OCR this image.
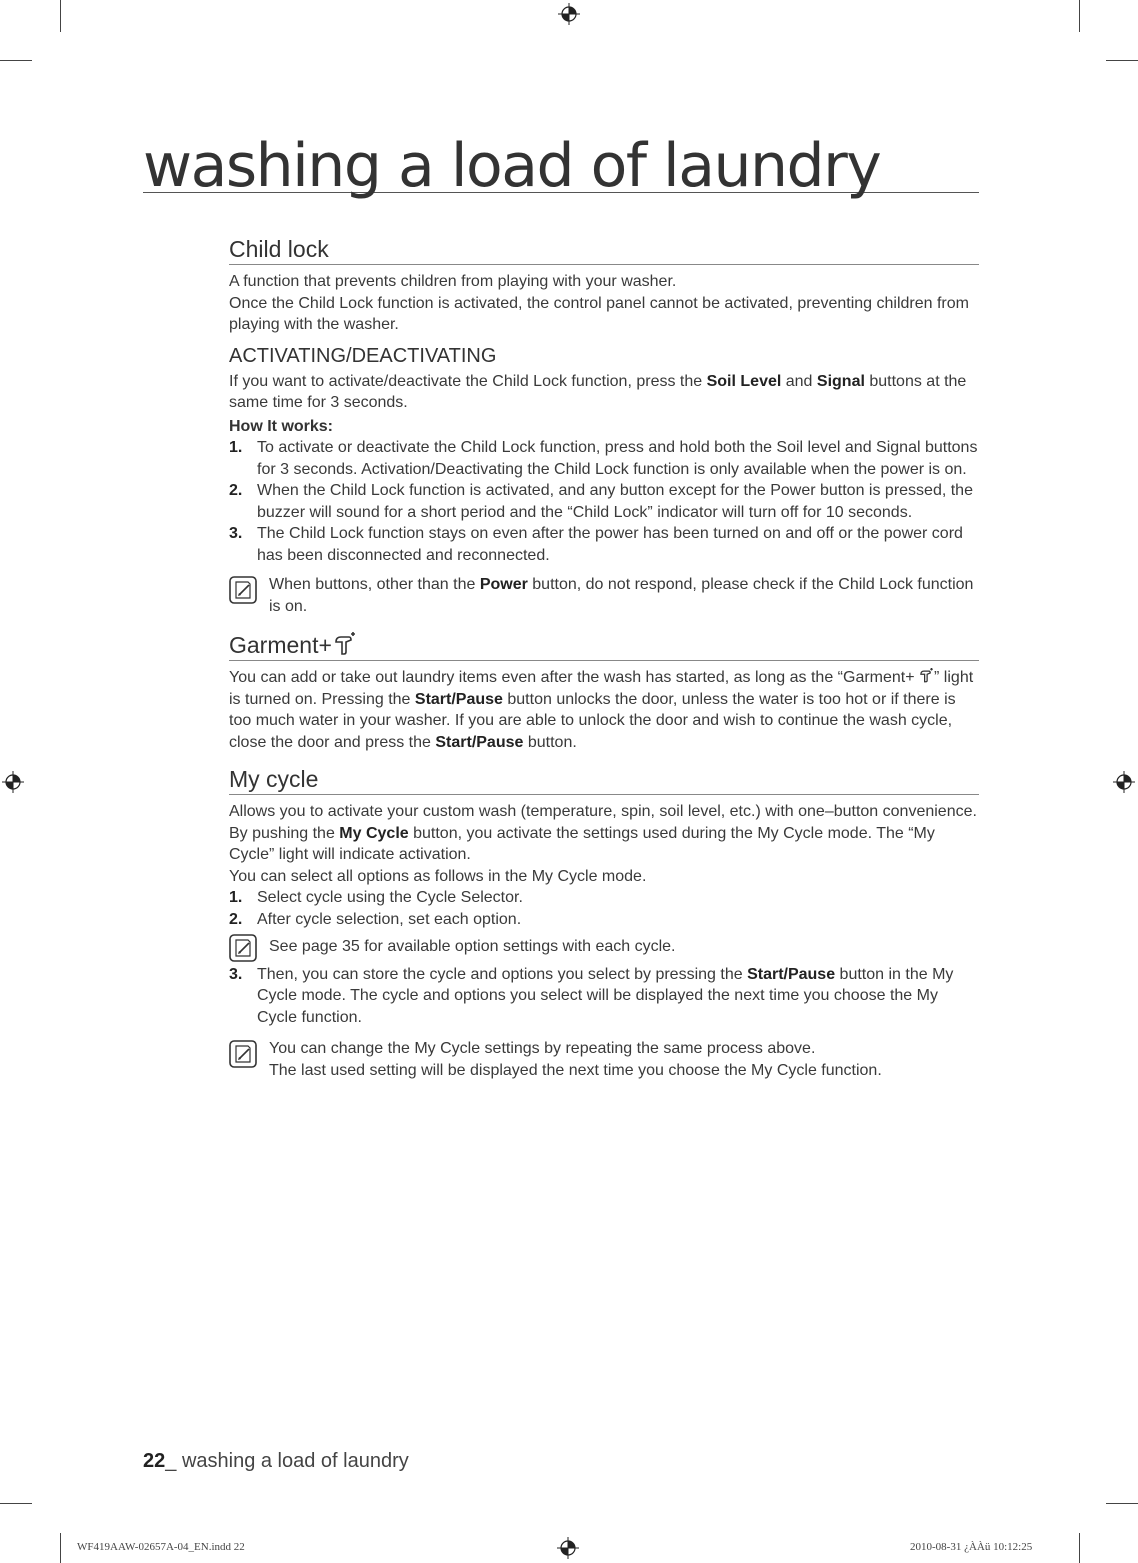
washing a load of laundry
Child lock

A function that prevents children from playing with your washer.

Once the Child Lock function is activated, the control panel cannot be activated, preventing children from playing with the washer.

ACTIVATING/DEACTIVATING

If you want to activate/deactivate the Child Lock function, press the Soil Level and Signal buttons at the same time for 3 seconds.

How It works:
1. To activate or deactivate the Child Lock function, press and hold both the Soil level and Signal buttons for 3 seconds. Activation/Deactivating the Child Lock function is only available when the power is on.
2. When the Child Lock function is activated, and any button except for the Power button is pressed, the buzzer will sound for a short period and the “Child Lock” indicator will turn off for 10 seconds.
3. The Child Lock function stays on even after the power has been turned on and off or the power cord has been disconnected and reconnected.
When buttons, other than the Power button, do not respond, please check if the Child Lock function is on.
Garment+

You can add or take out laundry items even after the wash has started, as long as the “Garment+ ” light is turned on. Pressing the Start/Pause button unlocks the door, unless the water is too hot or if there is too much water in your washer. If you are able to unlock the door and wish to continue the wash cycle, close the door and press the Start/Pause button.

My cycle

Allows you to activate your custom wash (temperature, spin, soil level, etc.) with one–button convenience.

By pushing the My Cycle button, you activate the settings used during the My Cycle mode. The “My Cycle” light will indicate activation.

You can select all options as follows in the My Cycle mode.

1. Select cycle using the Cycle Selector.
2. After cycle selection, set each option.
See page 35 for available option settings with each cycle.
3. Then, you can store the cycle and options you select by pressing the Start/Pause button in the My Cycle mode. The cycle and options you select will be displayed the next time you choose the My Cycle function.
You can change the My Cycle settings by repeating the same process above.
The last used setting will be displayed the next time you choose the My Cycle function.
22_ washing a load of laundry
WF419AAW-02657A-04_EN.indd 22	2010-08-31 ¿ÀÀü 10:12:25
